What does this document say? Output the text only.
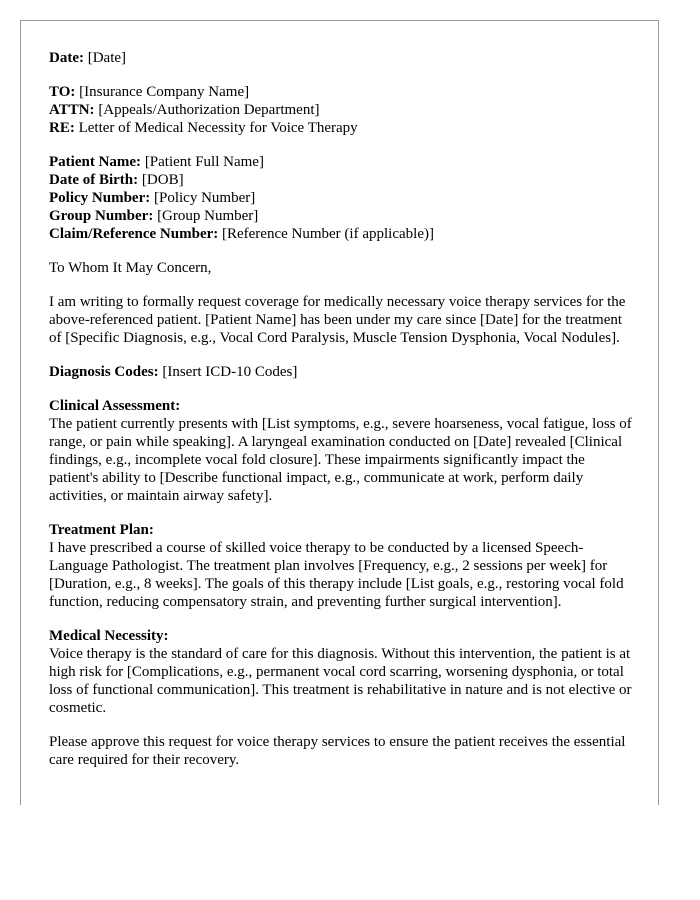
Date: [Date]
TO: [Insurance Company Name]
ATTN: [Appeals/Authorization Department]
RE: Letter of Medical Necessity for Voice Therapy
Patient Name: [Patient Full Name]
Date of Birth: [DOB]
Policy Number: [Policy Number]
Group Number: [Group Number]
Claim/Reference Number: [Reference Number (if applicable)]
To Whom It May Concern,

I am writing to formally request coverage for medically necessary voice therapy services for the above-referenced patient. [Patient Name] has been under my care since [Date] for the treatment of [Specific Diagnosis, e.g., Vocal Cord Paralysis, Muscle Tension Dysphonia, Vocal Nodules].

Diagnosis Codes: [Insert ICD-10 Codes]
Clinical Assessment:

The patient currently presents with [List symptoms, e.g., severe hoarseness, vocal fatigue, loss of range, or pain while speaking]. A laryngeal examination conducted on [Date] revealed [Clinical findings, e.g., incomplete vocal fold closure]. These impairments significantly impact the patient's ability to [Describe functional impact, e.g., communicate at work, perform daily activities, or maintain airway safety].

Treatment Plan:

I have prescribed a course of skilled voice therapy to be conducted by a licensed Speech-Language Pathologist. The treatment plan involves [Frequency, e.g., 2 sessions per week] for [Duration, e.g., 8 weeks]. The goals of this therapy include [List goals, e.g., restoring vocal fold function, reducing compensatory strain, and preventing further surgical intervention].

Medical Necessity:

Voice therapy is the standard of care for this diagnosis. Without this intervention, the patient is at high risk for [Complications, e.g., permanent vocal cord scarring, worsening dysphonia, or total loss of functional communication]. This treatment is rehabilitative in nature and is not elective or cosmetic.

Please approve this request for voice therapy services to ensure the patient receives the essential care required for their recovery.
